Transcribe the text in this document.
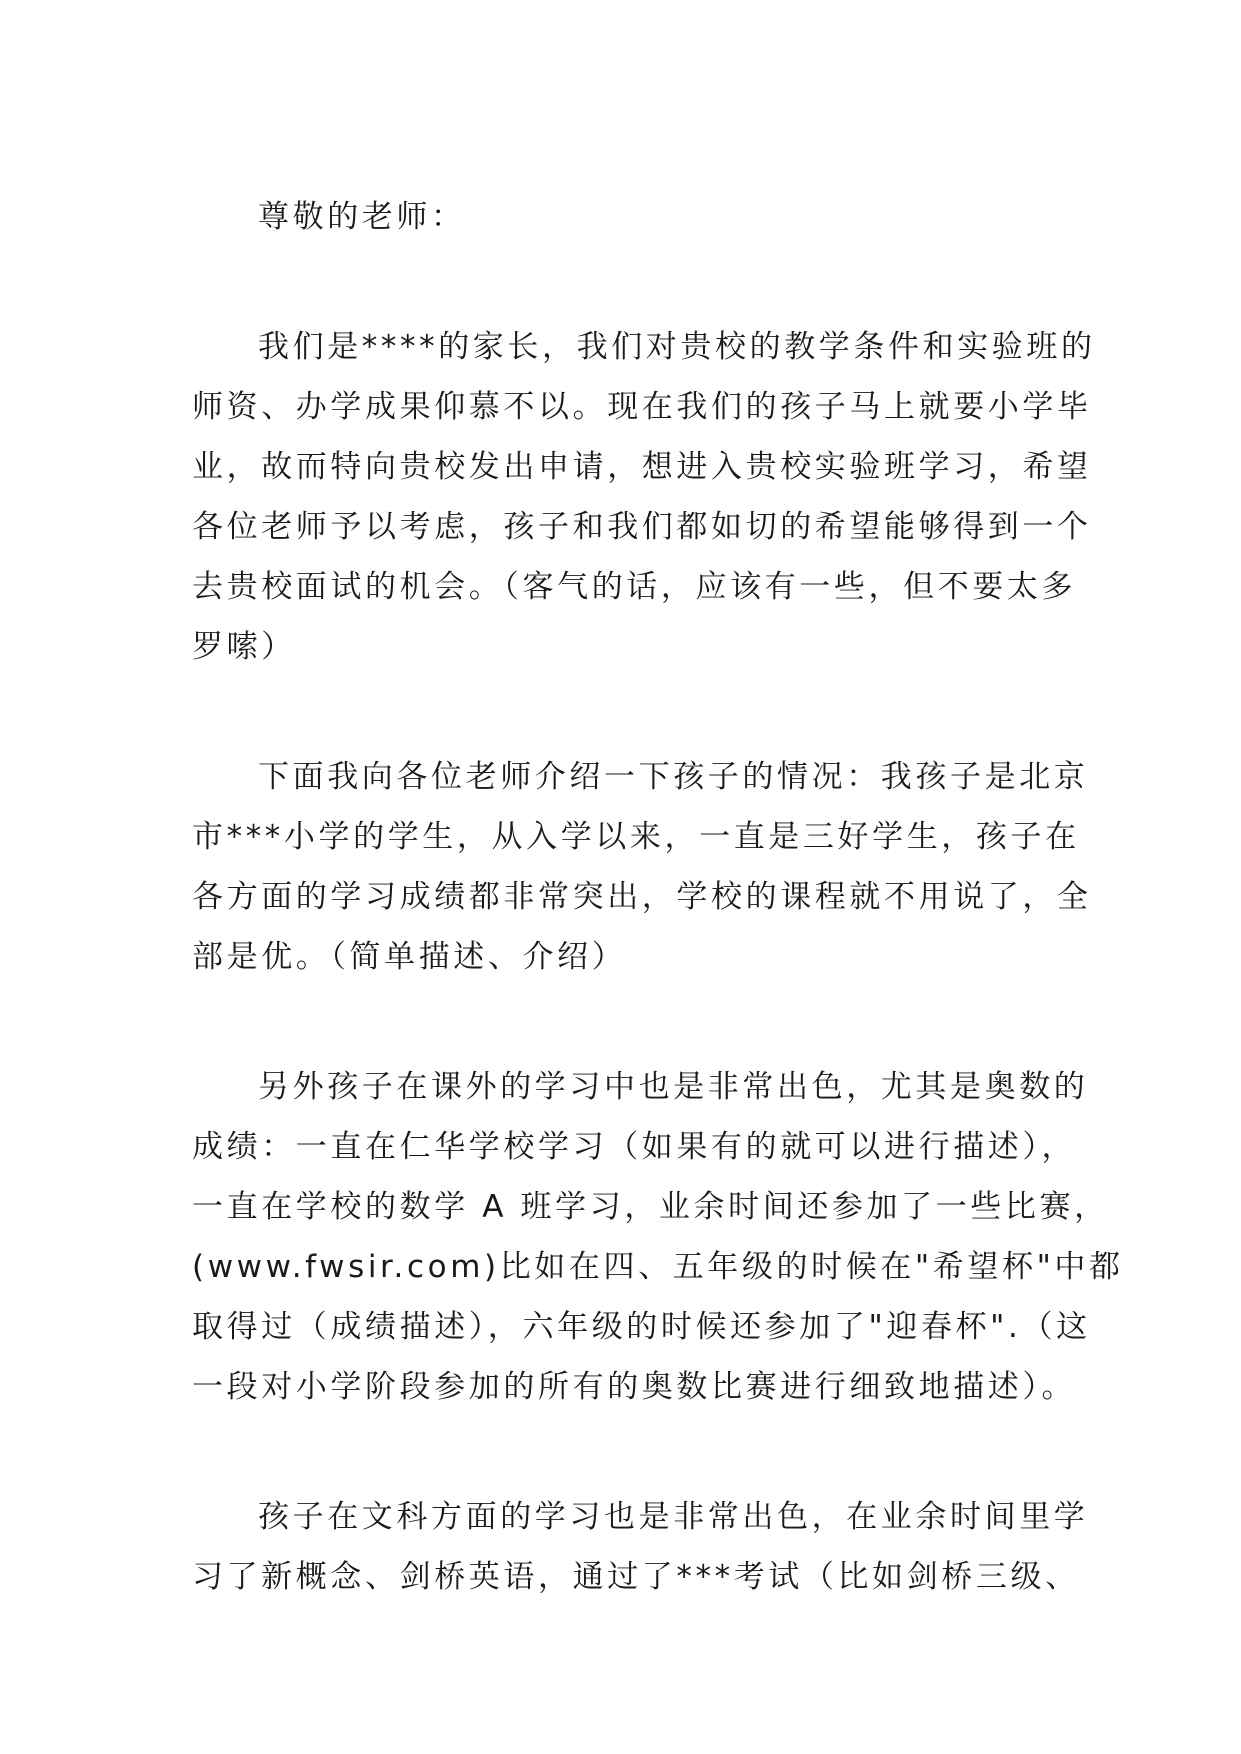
尊敬的老师：
我们是****的家长，我们对贵校的教学条件和实验班的
师资、办学成果仰慕不以。现在我们的孩子马上就要小学毕
业，故而特向贵校发出申请，想进入贵校实验班学习，希望
各位老师予以考虑，孩子和我们都如切的希望能够得到一个
去贵校面试的机会。（客气的话，应该有一些，但不要太多
罗嗦）
下面我向各位老师介绍一下孩子的情况：我孩子是北京
市***小学的学生，从入学以来，一直是三好学生，孩子在
各方面的学习成绩都非常突出，学校的课程就不用说了，全
部是优。（简单描述、介绍）
另外孩子在课外的学习中也是非常出色，尤其是奥数的
成绩：一直在仁华学校学习（如果有的就可以进行描述），
一直在学校的数学 A 班学习，业余时间还参加了一些比赛，
(www.fwsir.com)比如在四、五年级的时候在"希望杯"中都
取得过（成绩描述），六年级的时候还参加了"迎春杯".（这
一段对小学阶段参加的所有的奥数比赛进行细致地描述）。
孩子在文科方面的学习也是非常出色，在业余时间里学
习了新概念、剑桥英语，通过了***考试（比如剑桥三级、
